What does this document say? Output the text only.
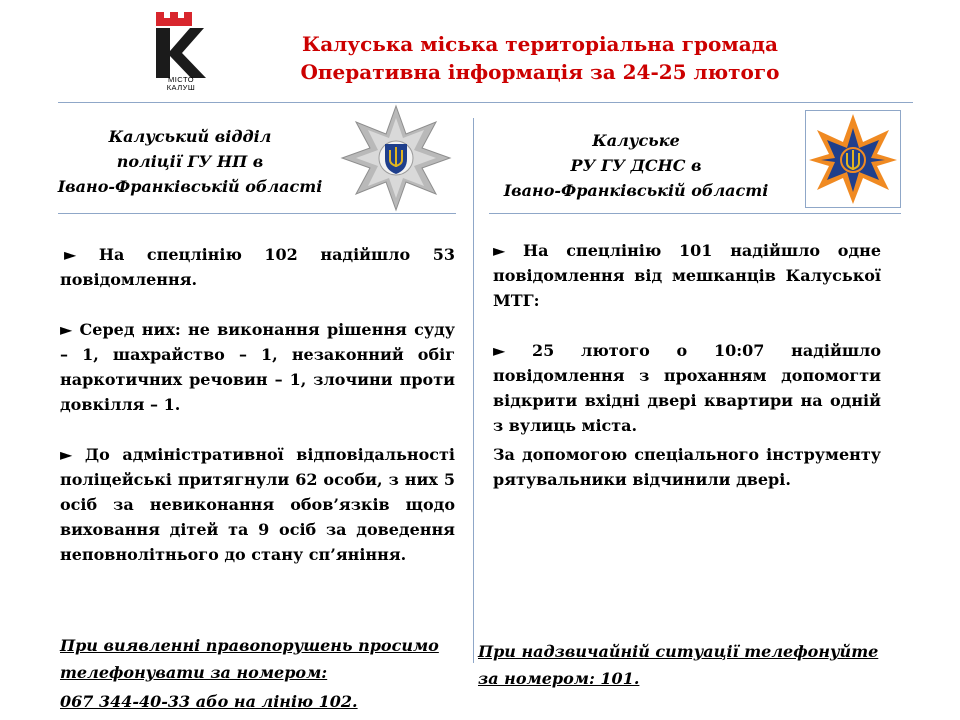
МІСТО
КАЛУШ
Калуська міська територіальна громада
Оперативна інформація за 24-25 лютого
Калуський відділ
поліції ГУ НП в
Івано-Франківській області
Калуське
РУ ГУ ДСНС в
Івано-Франківській області

► На спецлінію 102 надійшло 53 повідомлення.

► Серед них: не виконання рішення суду – 1, шахрайство – 1, незаконний обіг наркотичних речовин – 1, злочини проти довкілля – 1.

► До адміністративної відповідальності поліцейські притягнули 62 особи, з них 5 осіб за невиконання обов’язків щодо виховання дітей та 9 осіб за доведення неповнолітнього до стану сп’яніння.

При виявленні правопорушень просимо
телефонувати за номером:
067 344-40-33 або на лінію 102.

► На спецлінію 101 надійшло одне повідомлення від мешканців Калуської МТГ:

► 25 лютого о 10:07 надійшло повідомлення з проханням допомогти відкрити вхідні двері квартири на одній з вулиць міста.

За допомогою спеціального інструменту рятувальники відчинили двері.

При надзвичайній ситуації телефонуйте
за номером: 101.
